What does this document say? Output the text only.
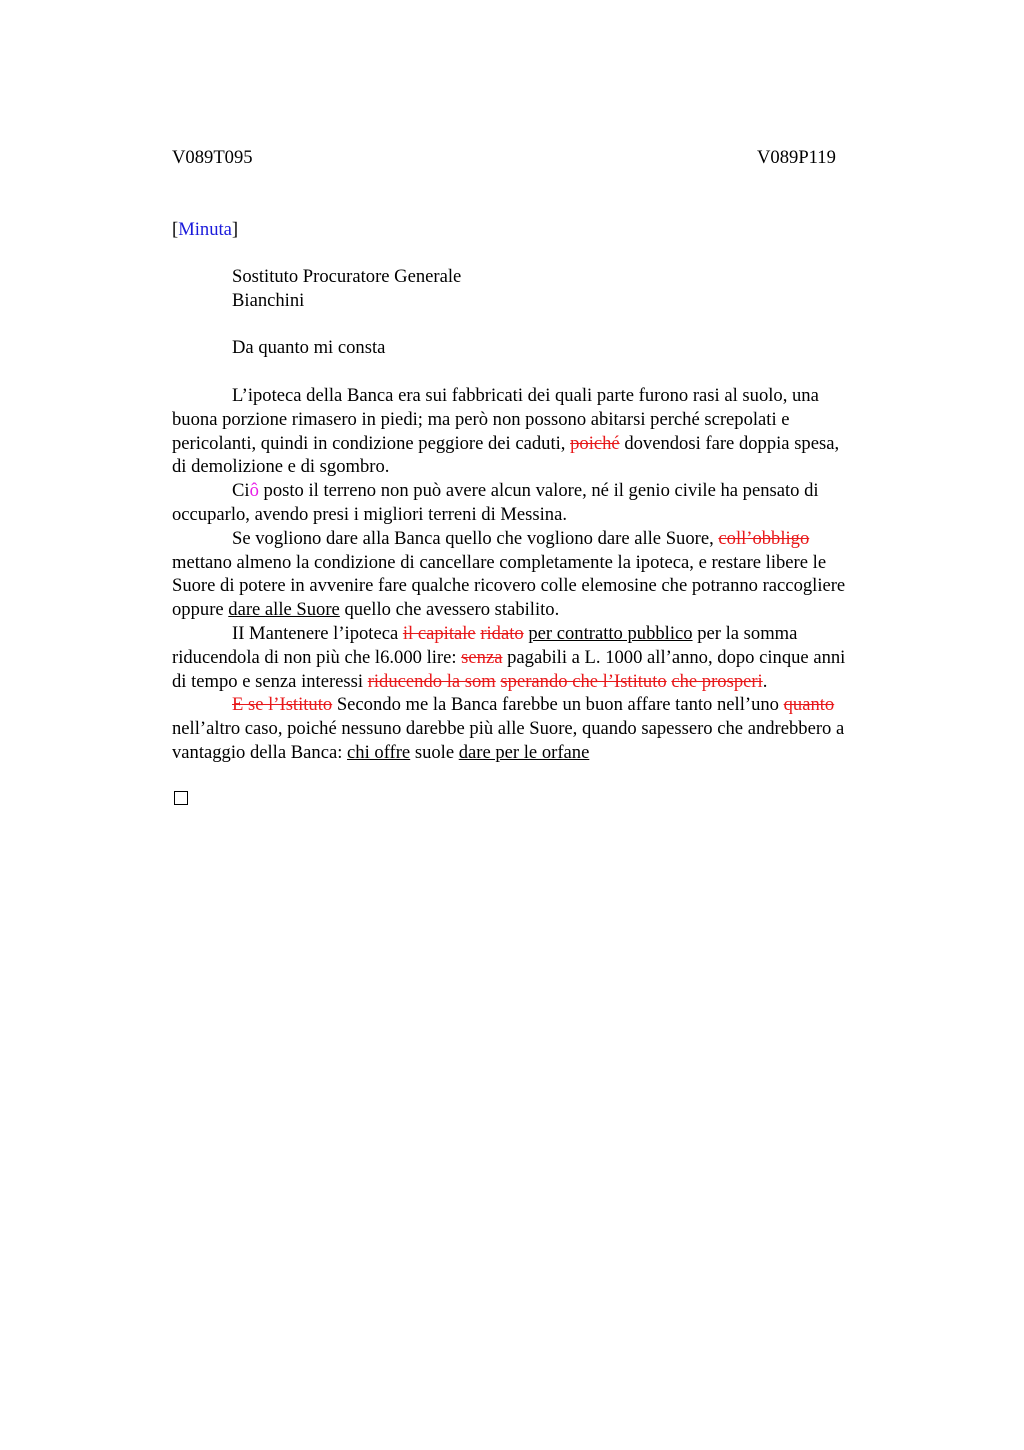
V089T095	V089P119
[Minuta]
Sostituto Procuratore Generale
Bianchini
Da quanto mi consta
L’ipoteca della Banca era sui fabbricati dei quali parte furono rasi al suolo, una
buona porzione rimasero in piedi; ma però non possono abitarsi perché screpolati e
pericolanti, quindi in condizione peggiore dei caduti, poiché dovendosi fare doppia spesa,
di demolizione e di sgombro.
Ciô posto il terreno non può avere alcun valore, né il genio civile ha pensato di
occuparlo, avendo presi i migliori terreni di Messina.
Se vogliono dare alla Banca quello che vogliono dare alle Suore, coll’obbligo
mettano almeno la condizione di cancellare completamente la ipoteca, e restare libere le
Suore di potere in avvenire fare qualche ricovero colle elemosine che potranno raccogliere
oppure dare alle Suore quello che avessero stabilito.
II Mantenere l’ipoteca il capitale ridato per contratto pubblico per la somma
riducendola di non più che l6.000 lire: senza pagabili a L. 1000 all’anno, dopo cinque anni
di tempo e senza interessi riducendo la som sperando che l’Istituto che prosperi.
E se l’Istituto Secondo me la Banca farebbe un buon affare tanto nell’uno quanto
nell’altro caso, poiché nessuno darebbe più alle Suore, quando sapessero che andrebbero a
vantaggio della Banca: chi offre suole dare per le orfane
